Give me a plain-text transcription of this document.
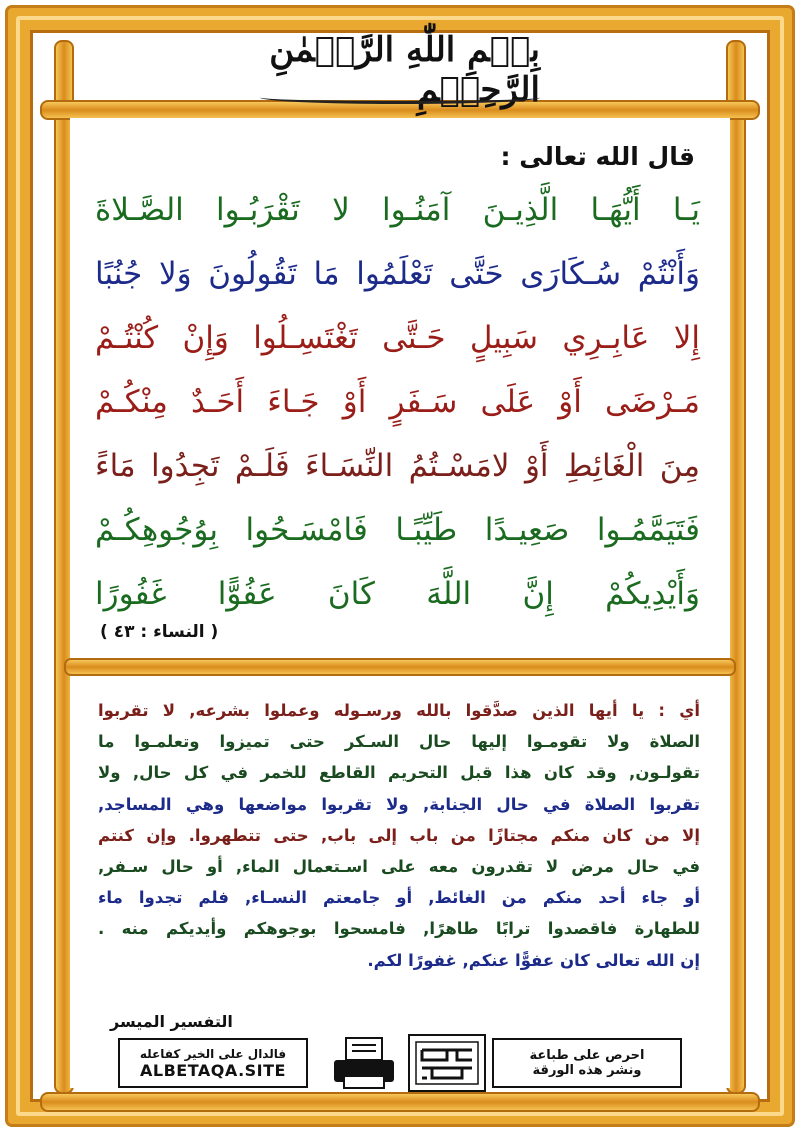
بِسۡمِ اللّٰهِ الرَّحۡمٰنِ الرَّحِيۡمِ
قال الله تعالى :
يَـا أَيُّهَـا الَّذِيـنَ آمَنُـوا لا تَقْرَبُـوا الصَّـلاةَ
وَأَنْتُمْ سُـكَارَى حَتَّى تَعْلَمُوا مَا تَقُولُونَ وَلا جُنُبًا
إِلا عَابِـرِي سَبِيلٍ حَـتَّى تَغْتَسِـلُوا وَإِنْ كُنْتُـمْ
مَـرْضَى أَوْ عَلَى سَـفَرٍ أَوْ جَـاءَ أَحَـدٌ مِنْكُـمْ
مِنَ الْغَائِطِ أَوْ لامَسْـتُمُ النِّسَـاءَ فَلَـمْ تَجِدُوا مَاءً
فَتَيَمَّمُـوا صَعِيـدًا طَيِّبًـا فَامْسَـحُوا بِوُجُوهِكُـمْ
وَأَيْدِيكُمْ إِنَّ اللَّهَ كَانَ عَفُوًّا غَفُورًا
( النساء : ٤٣ )
أي : يا أيها الذين صدَّقوا بالله ورسـوله وعملوا بشرعه, لا تقربوا
الصلاة ولا تقومـوا إليها حال السـكر حتى تميزوا وتعلمـوا ما
تقولـون, وقد كان هذا قبل التحريم القاطع للخمر في كل حال, ولا
تقربوا الصلاة في حال الجنابة, ولا تقربوا مواضعها وهي المساجد,
إلا من كان منكم مجتازًا من باب إلى باب, حتى تتطهروا. وإن كنتم
في حال مرض لا تقدرون معه على اسـتعمال الماء, أو حال سـفر,
أو جاء أحد منكم من الغائط, أو جامعتم النسـاء, فلم تجدوا ماء
للطهارة فاقصدوا ترابًا طاهرًا, فامسحوا بوجوهكم وأيديكم منه .
إن الله تعالى كان عفوًّا عنكم, غفورًا لكم.
التفسير الميسر
فالدال على الخير كفاعله
ALBETAQA.SITE
احرص على طباعة
ونشر هذه الورقة
